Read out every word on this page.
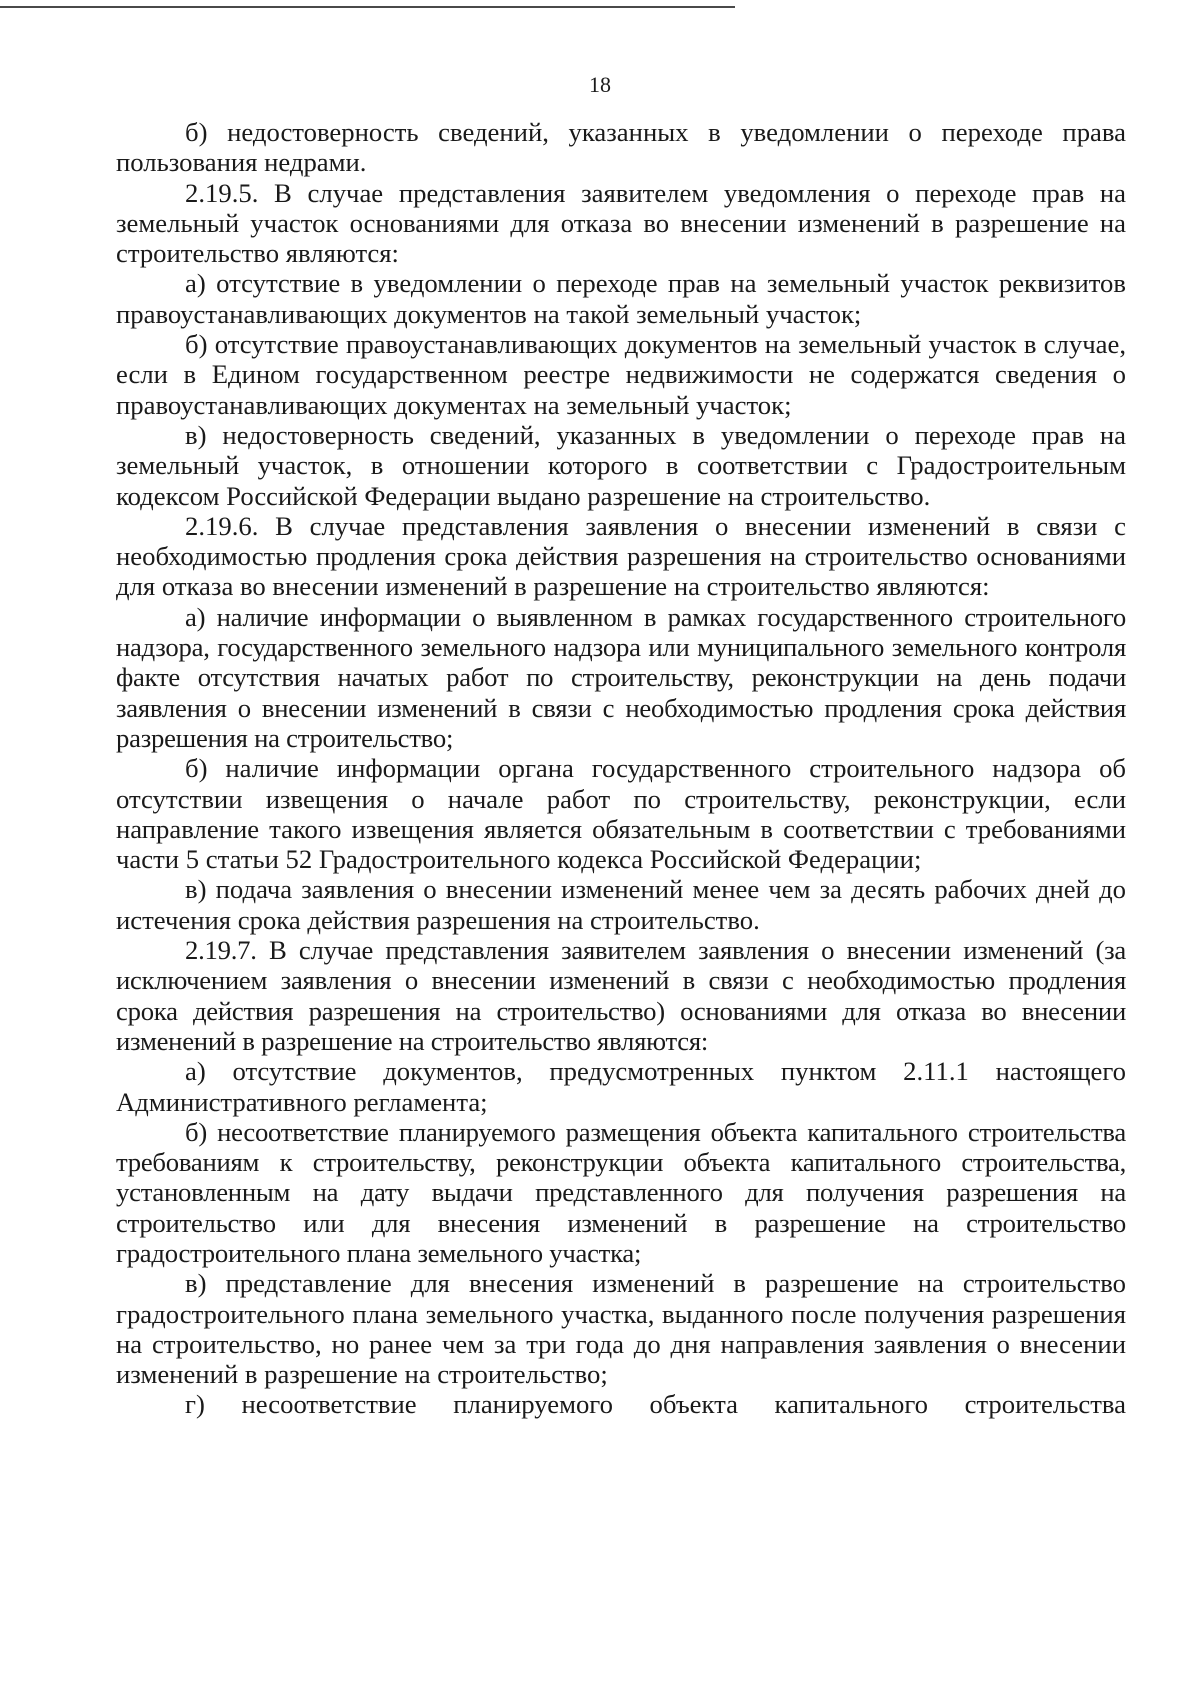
18

б) недостоверность сведений, указанных в уведомлении о переходе права пользования недрами.

2.19.5. В случае представления заявителем уведомления о переходе прав на земельный участок основаниями для отказа во внесении изменений в разрешение на строительство являются:

а) отсутствие в уведомлении о переходе прав на земельный участок реквизитов правоустанавливающих документов на такой земельный участок;

б) отсутствие правоустанавливающих документов на земельный участок в случае, если в Едином государственном реестре недвижимости не содержатся сведения о правоустанавливающих документах на земельный участок;

в) недостоверность сведений, указанных в уведомлении о переходе прав на земельный участок, в отношении которого в соответствии с Градостроительным кодексом Российской Федерации выдано разрешение на строительство.

2.19.6. В случае представления заявления о внесении изменений в связи с необходимостью продления срока действия разрешения на строительство основаниями для отказа во внесении изменений в разрешение на строительство являются:

а) наличие информации о выявленном в рамках государственного строительного надзора, государственного земельного надзора или муниципального земельного контроля факте отсутствия начатых работ по строительству, реконструкции на день подачи заявления о внесении изменений в связи с необходимостью продления срока действия разрешения на строительство;

б) наличие информации органа государственного строительного надзора об отсутствии извещения о начале работ по строительству, реконструкции, если направление такого извещения является обязательным в соответствии с требованиями части 5 статьи 52 Градостроительного кодекса Российской Федерации;

в) подача заявления о внесении изменений менее чем за десять рабочих дней до истечения срока действия разрешения на строительство.

2.19.7. В случае представления заявителем заявления о внесении изменений (за исключением заявления о внесении изменений в связи с необходимостью продления срока действия разрешения на строительство) основаниями для отказа во внесении изменений в разрешение на строительство являются:

а) отсутствие документов, предусмотренных пунктом 2.11.1 настоящего Административного регламента;

б) несоответствие планируемого размещения объекта капитального строительства требованиям к строительству, реконструкции объекта капитального строительства, установленным на дату выдачи представленного для получения разрешения на строительство или для внесения изменений в разрешение на строительство градостроительного плана земельного участка;

в) представление для внесения изменений в разрешение на строительство градостроительного плана земельного участка, выданного после получения разрешения на строительство, но ранее чем за три года до дня направления заявления о внесении изменений в разрешение на строительство;

г) несоответствие планируемого объекта капитального строительства
